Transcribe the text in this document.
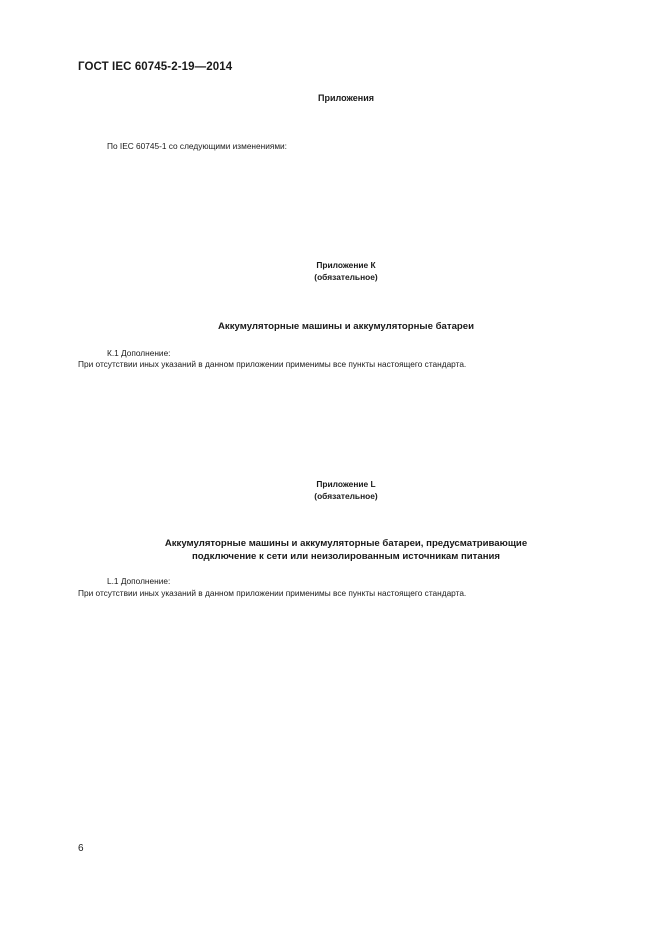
ГОСТ IEC 60745-2-19—2014
Приложения
По IEC 60745-1 со следующими изменениями:
Приложение К
(обязательное)
Аккумуляторные машины и аккумуляторные батареи
К.1 Дополнение:
При отсутствии иных указаний в данном приложении применимы все пункты настоящего стандарта.
Приложение L
(обязательное)
Аккумуляторные машины и аккумуляторные батареи, предусматривающие
подключение к сети или неизолированным источникам питания
L.1 Дополнение:
При отсутствии иных указаний в данном приложении применимы все пункты настоящего стандарта.
6
